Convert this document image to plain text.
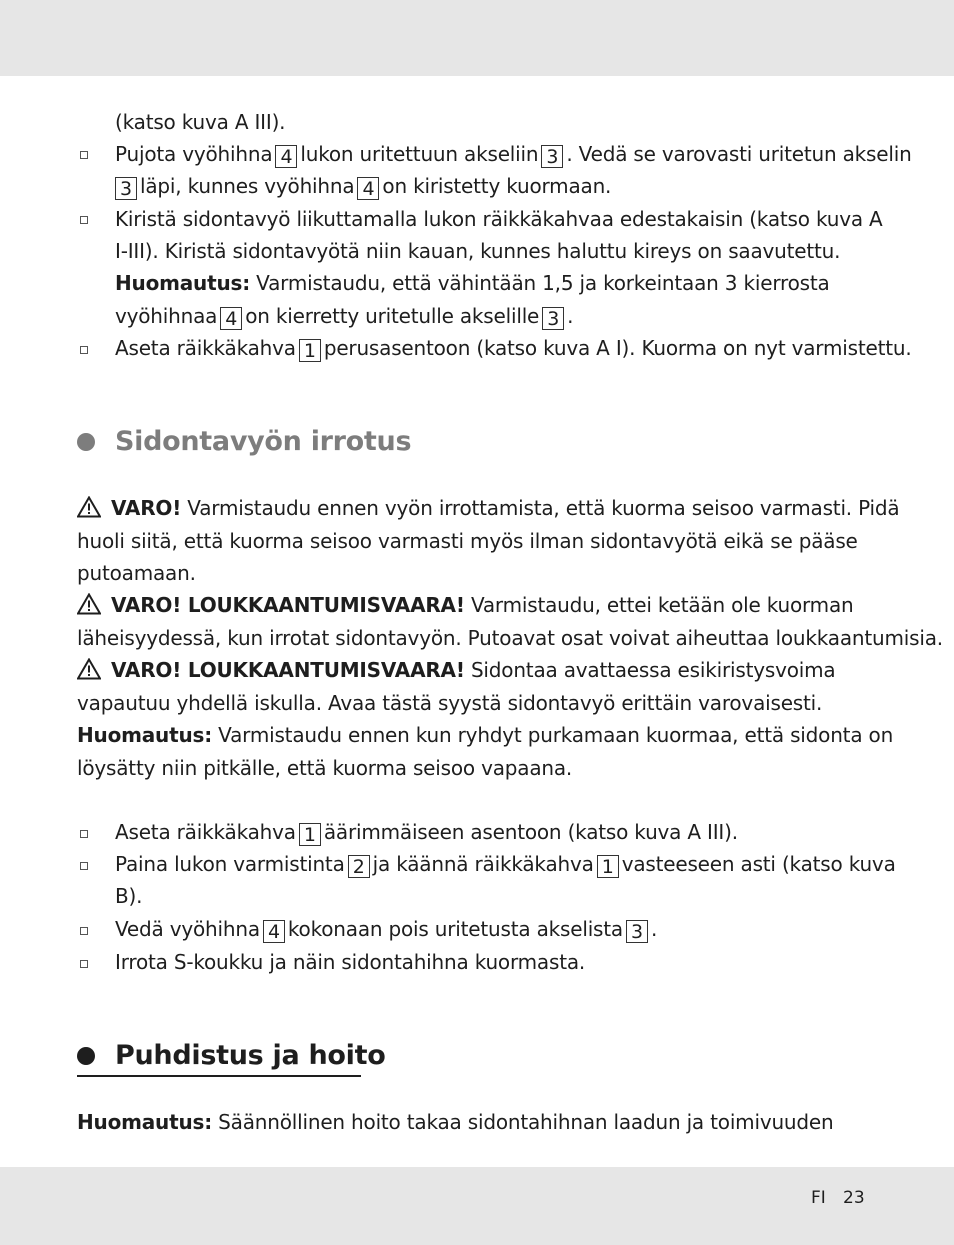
(katso kuva A III).
Pujota vyöhihna 4 lukon uritettuun akseliin 3 . Vedä se varovasti uritetun akselin
3 läpi, kunnes vyöhihna 4 on kiristetty kuormaan.
Kiristä sidontavyö liikuttamalla lukon räikkäkahvaa edestakaisin (katso kuva A
I-III). Kiristä sidontavyötä niin kauan, kunnes haluttu kireys on saavutettu.
Huomautus: Varmistaudu, että vähintään 1,5 ja korkeintaan 3 kierrosta
vyöhihnaa 4 on kierretty uritetulle akselille 3 .
Aseta räikkäkahva 1 perusasentoon (katso kuva A I). Kuorma on nyt varmistettu.
Sidontavyön irrotus
VARO! Varmistaudu ennen vyön irrottamista, että kuorma seisoo varmasti. Pidä
huoli siitä, että kuorma seisoo varmasti myös ilman sidontavyötä eikä se pääse
putoamaan.
VARO! LOUKKAANTUMISVAARA! Varmistaudu, ettei ketään ole kuorman
läheisyydessä, kun irrotat sidontavyön. Putoavat osat voivat aiheuttaa loukkaantumisia.
VARO! LOUKKAANTUMISVAARA! Sidontaa avattaessa esikiristysvoima
vapautuu yhdellä iskulla. Avaa tästä syystä sidontavyö erittäin varovaisesti.
Huomautus: Varmistaudu ennen kun ryhdyt purkamaan kuormaa, että sidonta on
löysätty niin pitkälle, että kuorma seisoo vapaana.
Aseta räikkäkahva 1 äärimmäiseen asentoon (katso kuva A III).
Paina lukon varmistinta 2 ja käännä räikkäkahva 1 vasteeseen asti (katso kuva
B).
Vedä vyöhihna 4 kokonaan pois uritetusta akselista 3 .
Irrota S-koukku ja näin sidontahihna kuormasta.
Puhdistus ja hoito
Huomautus: Säännöllinen hoito takaa sidontahihnan laadun ja toimivuuden
FI 23
